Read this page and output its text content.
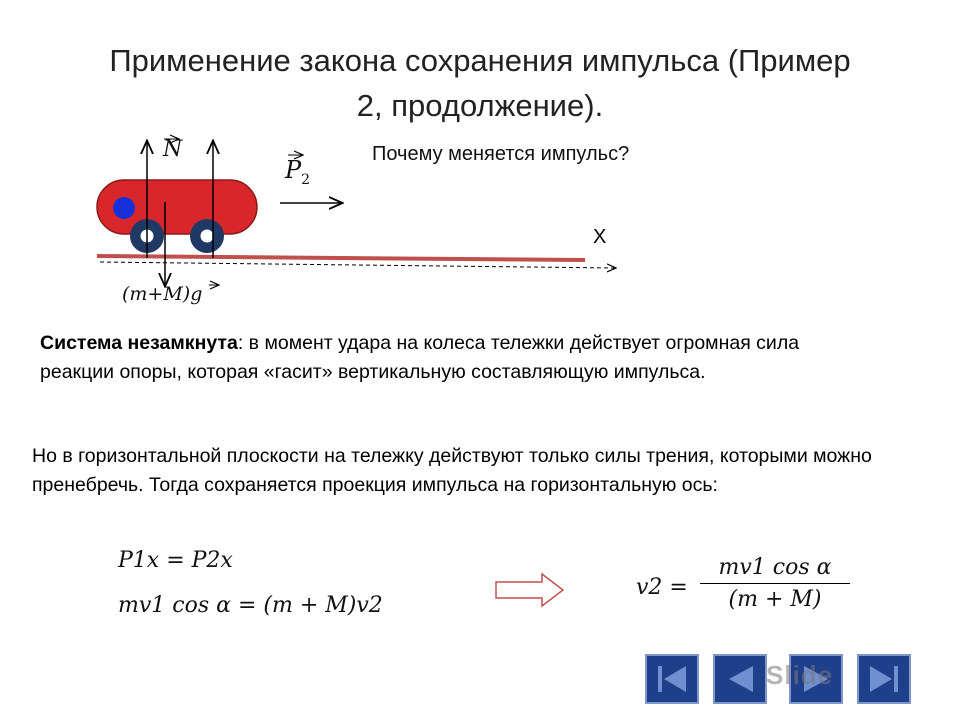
Применение закона сохранения импульса (Пример
2, продолжение).
Почему меняется импульс?
N
$P_2$
(m+M)g
X
Система незамкнута: в момент удара на колеса тележки действует огромная сила реакции опоры, которая «гасит» вертикальную составляющую импульса.
Но в горизонтальной плоскости на тележку действуют только силы трения, которыми можно пренебречь. Тогда сохраняется проекция импульса на горизонтальную ось:
P1x = P2x
mv1 cos α = (m + M)v2
v2 =
mv1 cos α
(m + M)
Slide
